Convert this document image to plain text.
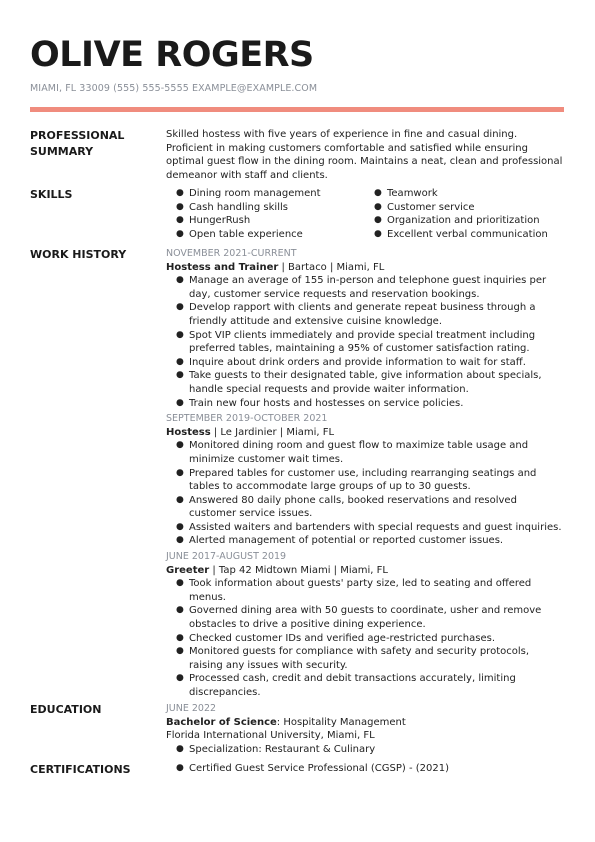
OLIVE ROGERS
MIAMI, FL 33009 (555) 555-5555 EXAMPLE@EXAMPLE.COM
PROFESSIONAL
SUMMARY
Skilled hostess with five years of experience in fine and casual dining. Proficient in making customers comfortable and satisfied while ensuring optimal guest flow in the dining room. Maintains a neat, clean and professional demeanor with staff and clients.
SKILLS	● Dining room management
● Cash handling skills
● HungerRush
● Open table experience
● Teamwork
● Customer service
● Organization and prioritization
● Excellent verbal communication
WORK HISTORY	NOVEMBER 2021-CURRENT
Hostess and Trainer | Bartaco | Miami, FL
● Manage an average of 155 in-person and telephone guest inquiries per day, customer service requests and reservation bookings.
● Develop rapport with clients and generate repeat business through a friendly attitude and extensive cuisine knowledge.
● Spot VIP clients immediately and provide special treatment including preferred tables, maintaining a 95% of customer satisfaction rating.
● Inquire about drink orders and provide information to wait for staff.
● Take guests to their designated table, give information about specials, handle special requests and provide waiter information.
● Train new four hosts and hostesses on service policies.
SEPTEMBER 2019-OCTOBER 2021
Hostess | Le Jardinier | Miami, FL
● Monitored dining room and guest flow to maximize table usage and minimize customer wait times.
● Prepared tables for customer use, including rearranging seatings and tables to accommodate large groups of up to 30 guests.
● Answered 80 daily phone calls, booked reservations and resolved customer service issues.
● Assisted waiters and bartenders with special requests and guest inquiries.
● Alerted management of potential or reported customer issues.
JUNE 2017-AUGUST 2019
Greeter | Tap 42 Midtown Miami | Miami, FL
● Took information about guests' party size, led to seating and offered menus.
● Governed dining area with 50 guests to coordinate, usher and remove obstacles to drive a positive dining experience.
● Checked customer IDs and verified age-restricted purchases.
● Monitored guests for compliance with safety and security protocols, raising any issues with security.
● Processed cash, credit and debit transactions accurately, limiting discrepancies.
EDUCATION	JUNE 2022
Bachelor of Science: Hospitality Management
Florida International University, Miami, FL
● Specialization: Restaurant & Culinary
CERTIFICATIONS	● Certified Guest Service Professional (CGSP) - (2021)
